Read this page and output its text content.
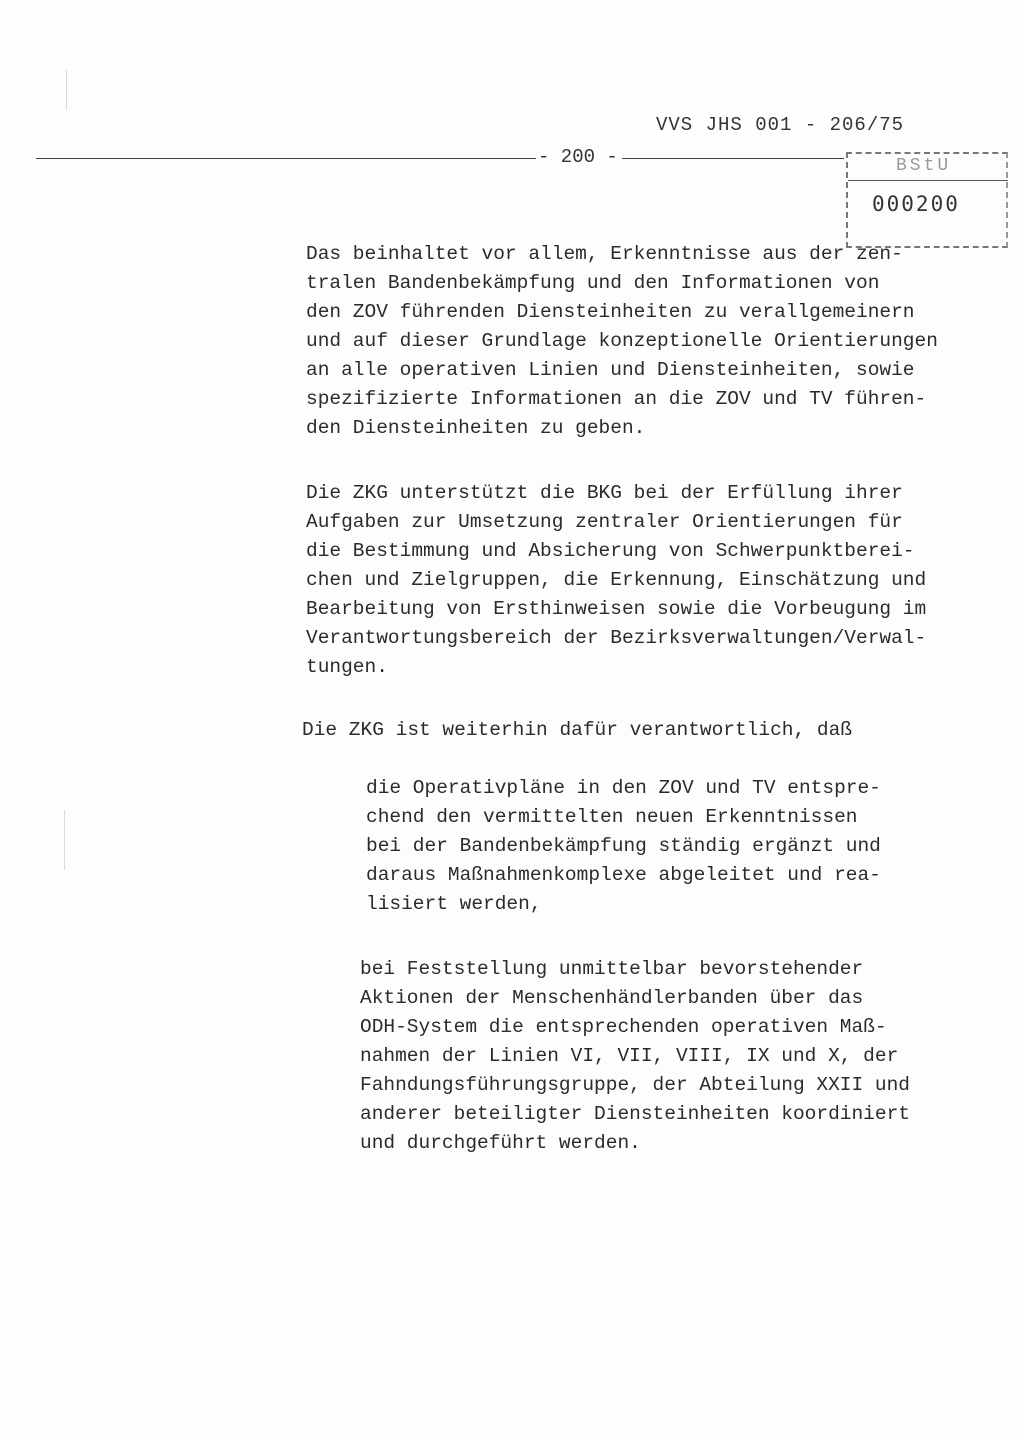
VVS JHS 001 - 206/75
- 200 -	BStU
000200
Das beinhaltet vor allem, Erkenntnisse aus der zen-
tralen Bandenbekämpfung und den Informationen von
den ZOV führenden Diensteinheiten zu verallgemeinern
und auf dieser Grundlage konzeptionelle Orientierungen
an alle operativen Linien und Diensteinheiten, sowie
spezifizierte Informationen an die ZOV und TV führen-
den Diensteinheiten zu geben.
Die ZKG unterstützt die BKG bei der Erfüllung ihrer
Aufgaben zur Umsetzung zentraler Orientierungen für
die Bestimmung und Absicherung von Schwerpunktberei-
chen und Zielgruppen, die Erkennung, Einschätzung und
Bearbeitung von Ersthinweisen sowie die Vorbeugung im
Verantwortungsbereich der Bezirksverwaltungen/Verwal-
tungen.
Die ZKG ist weiterhin dafür verantwortlich, daß
die Operativpläne in den ZOV und TV entspre-
chend den vermittelten neuen Erkenntnissen
bei der Bandenbekämpfung ständig ergänzt und
daraus Maßnahmenkomplexe abgeleitet und rea-
lisiert werden,
bei Feststellung unmittelbar bevorstehender
Aktionen der Menschenhändlerbanden über das
ODH-System die entsprechenden operativen Maß-
nahmen der Linien VI, VII, VIII, IX und X, der
Fahndungsführungsgruppe, der Abteilung XXII und
anderer beteiligter Diensteinheiten koordiniert
und durchgeführt werden.
